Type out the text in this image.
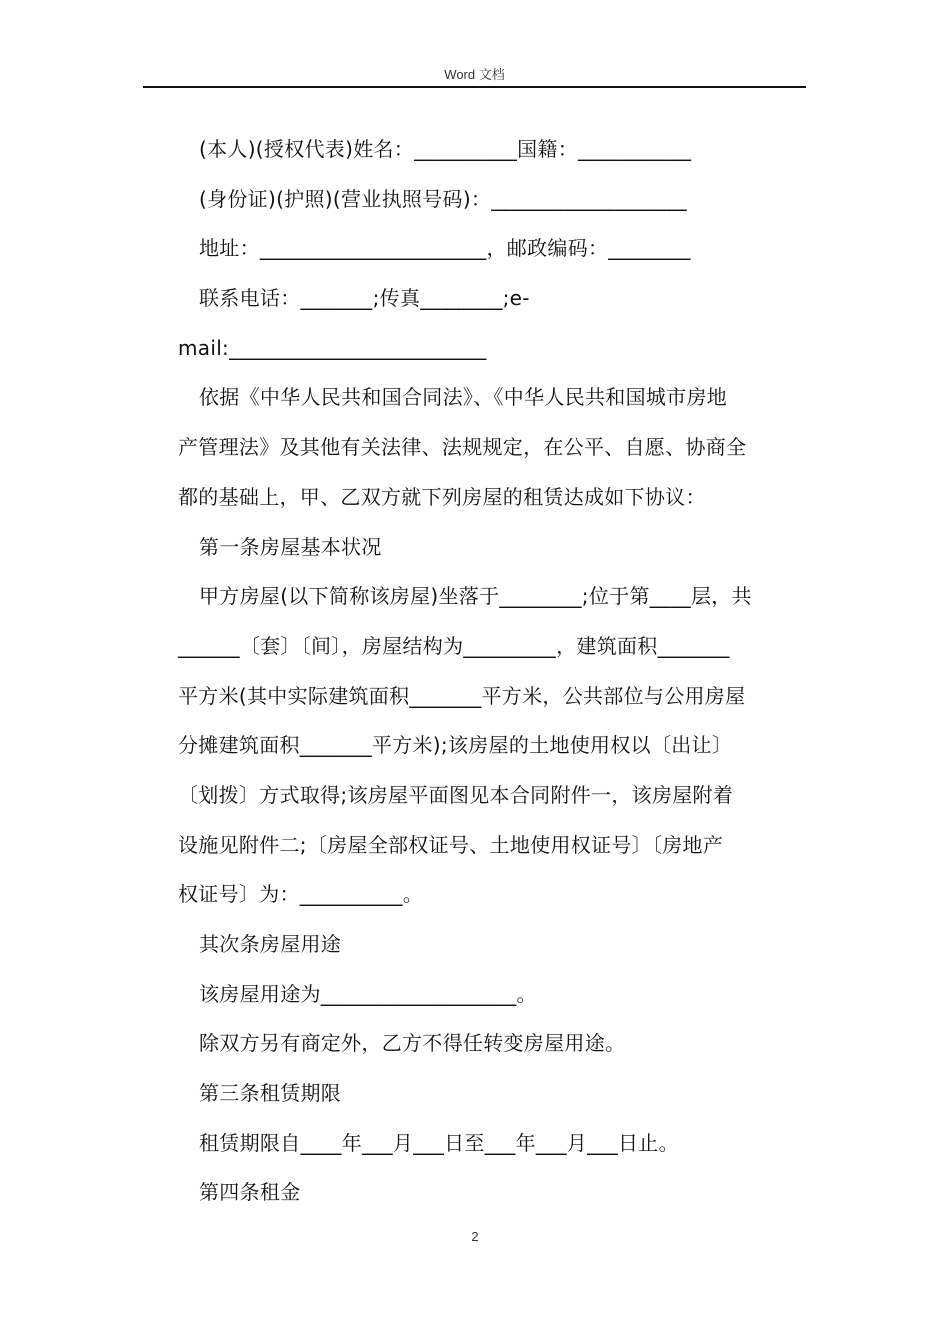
Word 文档
(本人)(授权代表)姓名：__________国籍：___________
(身份证)(护照)(营业执照号码)：___________________
地址：______________________，邮政编码：________
联系电话：_______;传真________;e-
mail:_________________________
依据《中华人民共和国合同法》、《中华人民共和国城市房地
产管理法》及其他有关法律、法规规定，在公平、自愿、协商全
都的基础上，甲、乙双方就下列房屋的租赁达成如下协议：
第一条房屋基本状况
甲方房屋(以下简称该房屋)坐落于________;位于第____层，共
______〔套〕〔间〕，房屋结构为_________，建筑面积_______
平方米(其中实际建筑面积_______平方米，公共部位与公用房屋
分摊建筑面积_______平方米);该房屋的土地使用权以〔出让〕
〔划拨〕方式取得;该房屋平面图见本合同附件一，该房屋附着
设施见附件二;〔房屋全部权证号、土地使用权证号〕〔房地产
权证号〕为：__________。
其次条房屋用途
该房屋用途为___________________。
除双方另有商定外，乙方不得任转变房屋用途。
第三条租赁期限
租赁期限自____年___月___日至___年___月___日止。
第四条租金
2
